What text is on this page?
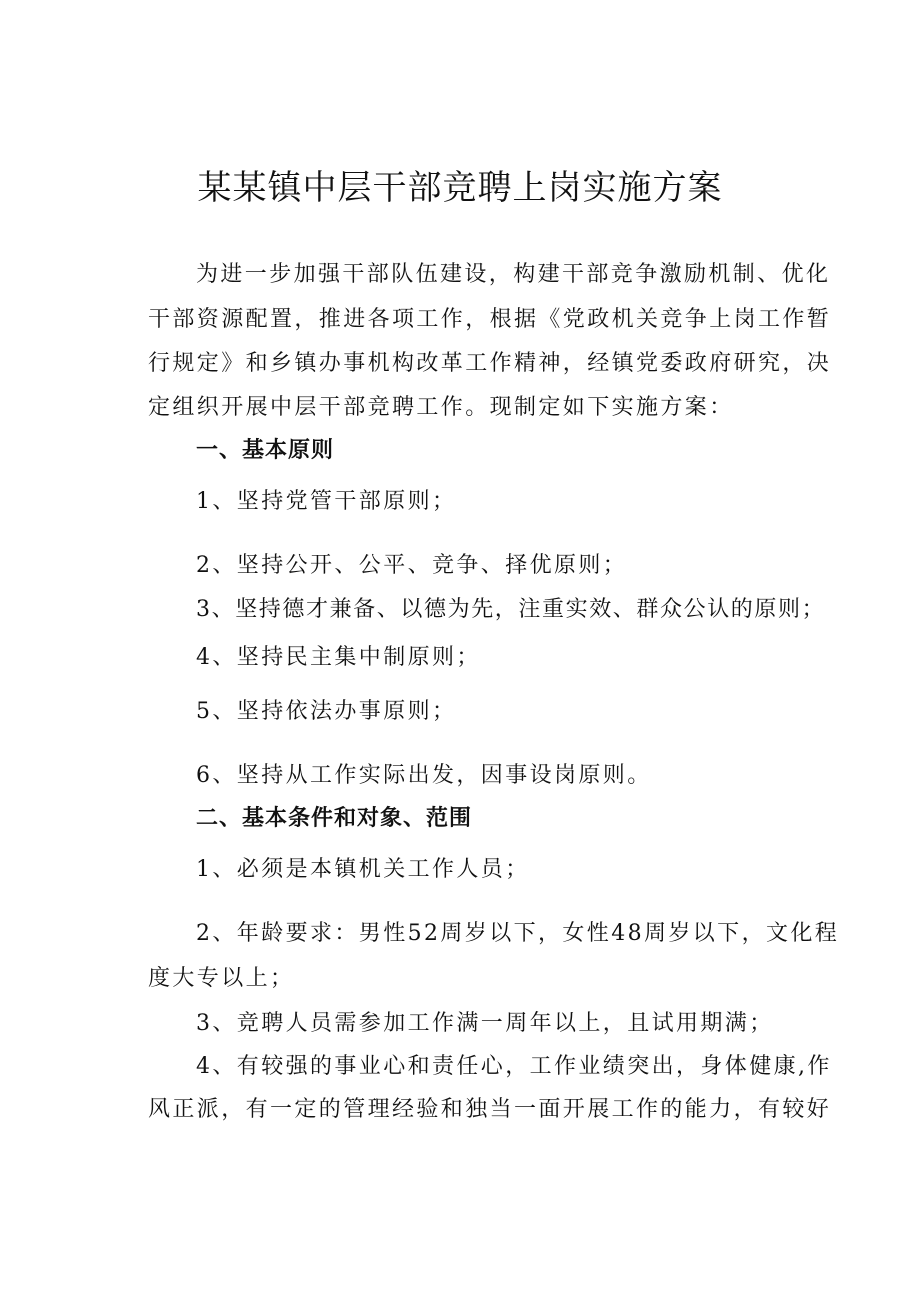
某某镇中层干部竞聘上岗实施方案
为进一步加强干部队伍建设，构建干部竞争激励机制、优化
干部资源配置，推进各项工作，根据《党政机关竞争上岗工作暂
行规定》和乡镇办事机构改革工作精神，经镇党委政府研究，决
定组织开展中层干部竞聘工作。现制定如下实施方案：
一、基本原则
1、坚持党管干部原则；
2、坚持公开、公平、竞争、择优原则；
3、坚持德才兼备、以德为先，注重实效、群众公认的原则；
4、坚持民主集中制原则；
5、坚持依法办事原则；
6、坚持从工作实际出发，因事设岗原则。
二、基本条件和对象、范围
1、必须是本镇机关工作人员；
2、年龄要求：男性52周岁以下，女性48周岁以下，文化程
度大专以上；
3、竞聘人员需参加工作满一周年以上，且试用期满；
4、有较强的事业心和责任心，工作业绩突出，身体健康,作
风正派，有一定的管理经验和独当一面开展工作的能力，有较好
